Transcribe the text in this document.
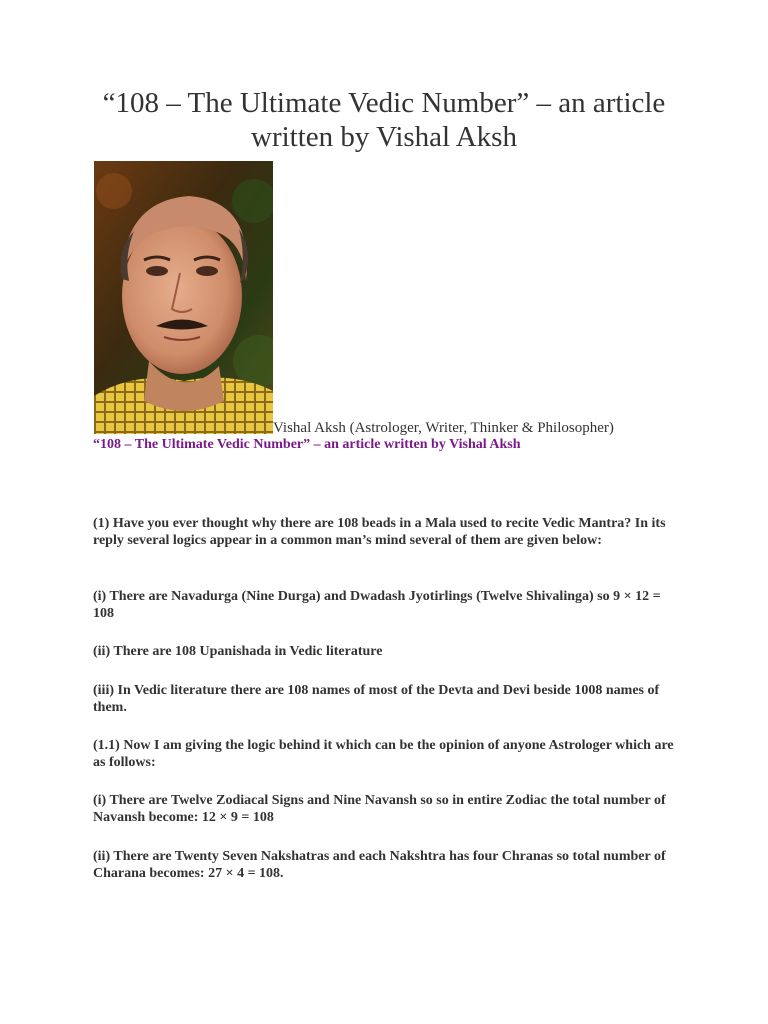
“108 – The Ultimate Vedic Number” – an article written by Vishal Aksh
Vishal Aksh (Astrologer, Writer, Thinker & Philosopher)
“108 – The Ultimate Vedic Number” – an article written by Vishal Aksh

(1) Have you ever thought why there are 108 beads in a Mala used to recite Vedic Mantra? In its reply several logics appear in a common man’s mind several of them are given below:

(i) There are Navadurga (Nine Durga) and Dwadash Jyotirlings (Twelve Shivalinga) so 9 × 12 = 108

(ii) There are 108 Upanishada in Vedic literature

(iii) In Vedic literature there are 108 names of most of the Devta and Devi beside 1008 names of them.

(1.1) Now I am giving the logic behind it which can be the opinion of anyone Astrologer which are as follows:

(i) There are Twelve Zodiacal Signs and Nine Navansh so so in entire Zodiac the total number of Navansh become: 12 × 9 = 108

(ii) There are Twenty Seven Nakshatras and each Nakshtra has four Chranas so total number of Charana becomes: 27 × 4 = 108.
